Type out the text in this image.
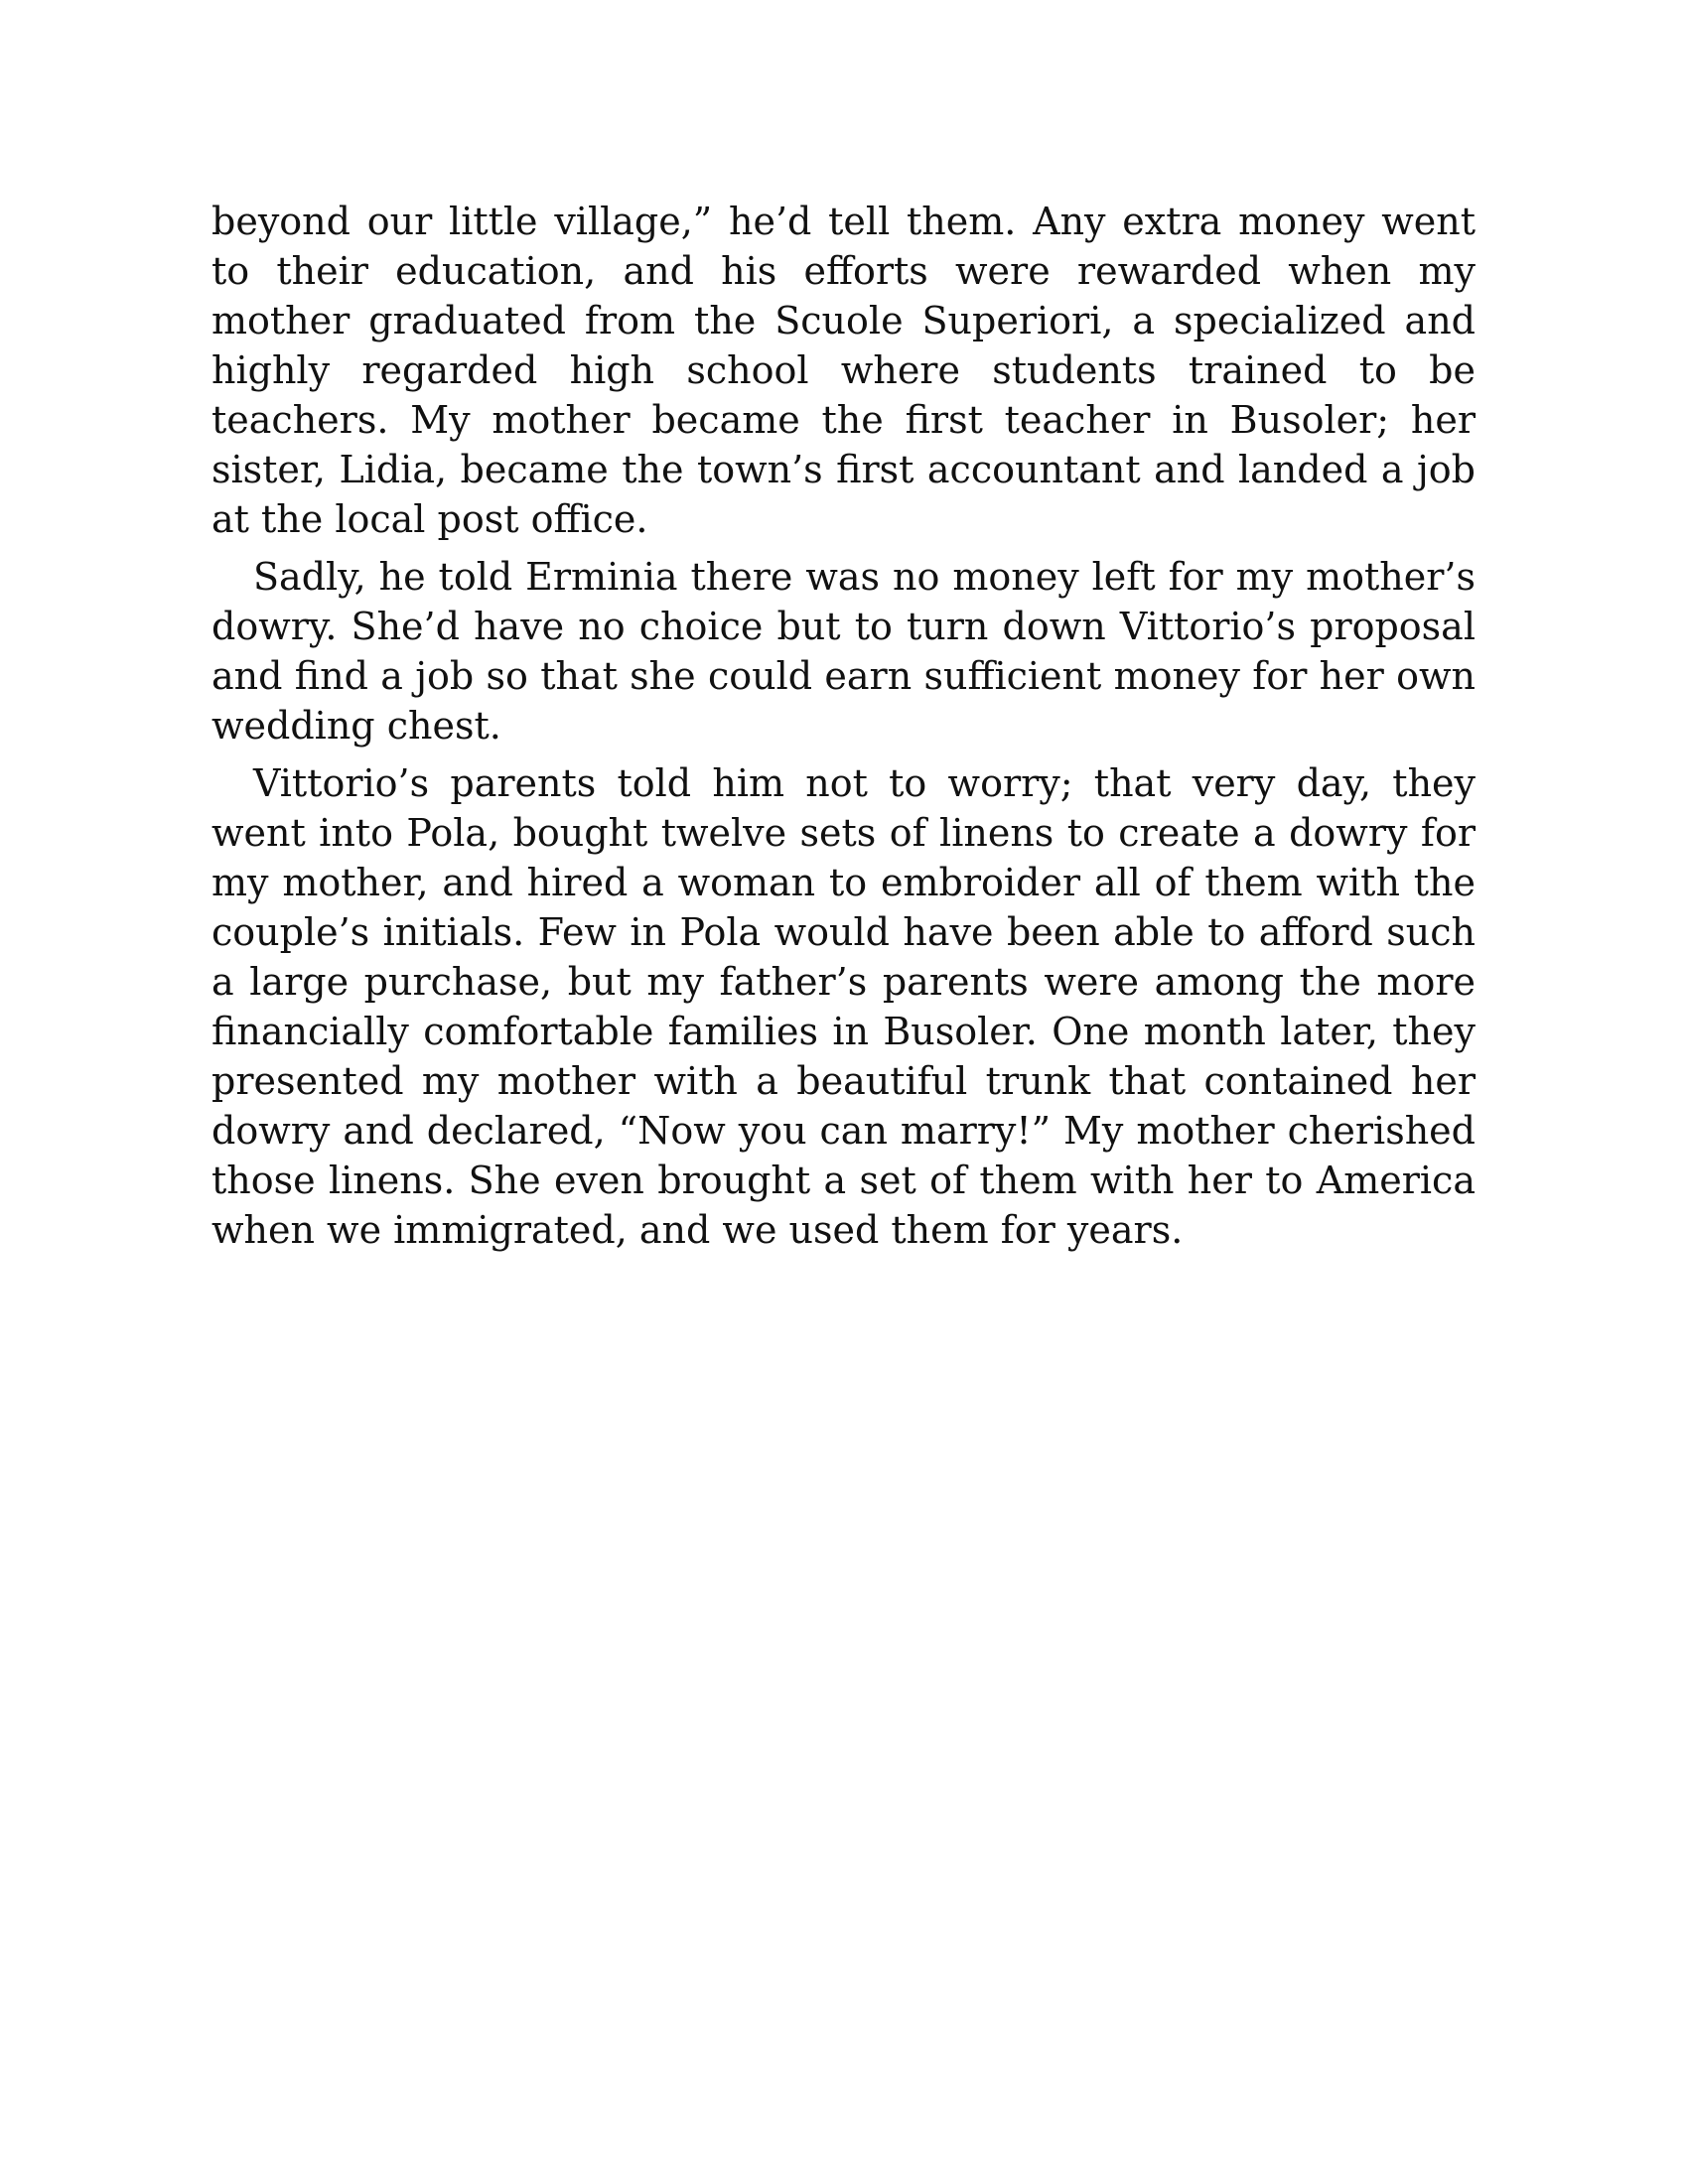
beyond our little village,” he’d tell them. Any extra money went to their education, and his efforts were rewarded when my mother graduated from the Scuole Superiori, a specialized and highly regarded high school where students trained to be teachers. My mother became the first teacher in Busoler; her sister, Lidia, became the town’s first accountant and landed a job at the local post office.

Sadly, he told Erminia there was no money left for my mother’s dowry. She’d have no choice but to turn down Vittorio’s proposal and find a job so that she could earn sufficient money for her own wedding chest.

Vittorio’s parents told him not to worry; that very day, they went into Pola, bought twelve sets of linens to create a dowry for my mother, and hired a woman to embroider all of them with the couple’s initials. Few in Pola would have been able to afford such a large purchase, but my father’s parents were among the more financially comfortable families in Busoler. One month later, they presented my mother with a beautiful trunk that contained her dowry and declared, “Now you can marry!” My mother cherished those linens. She even brought a set of them with her to America when we immigrated, and we used them for years.
